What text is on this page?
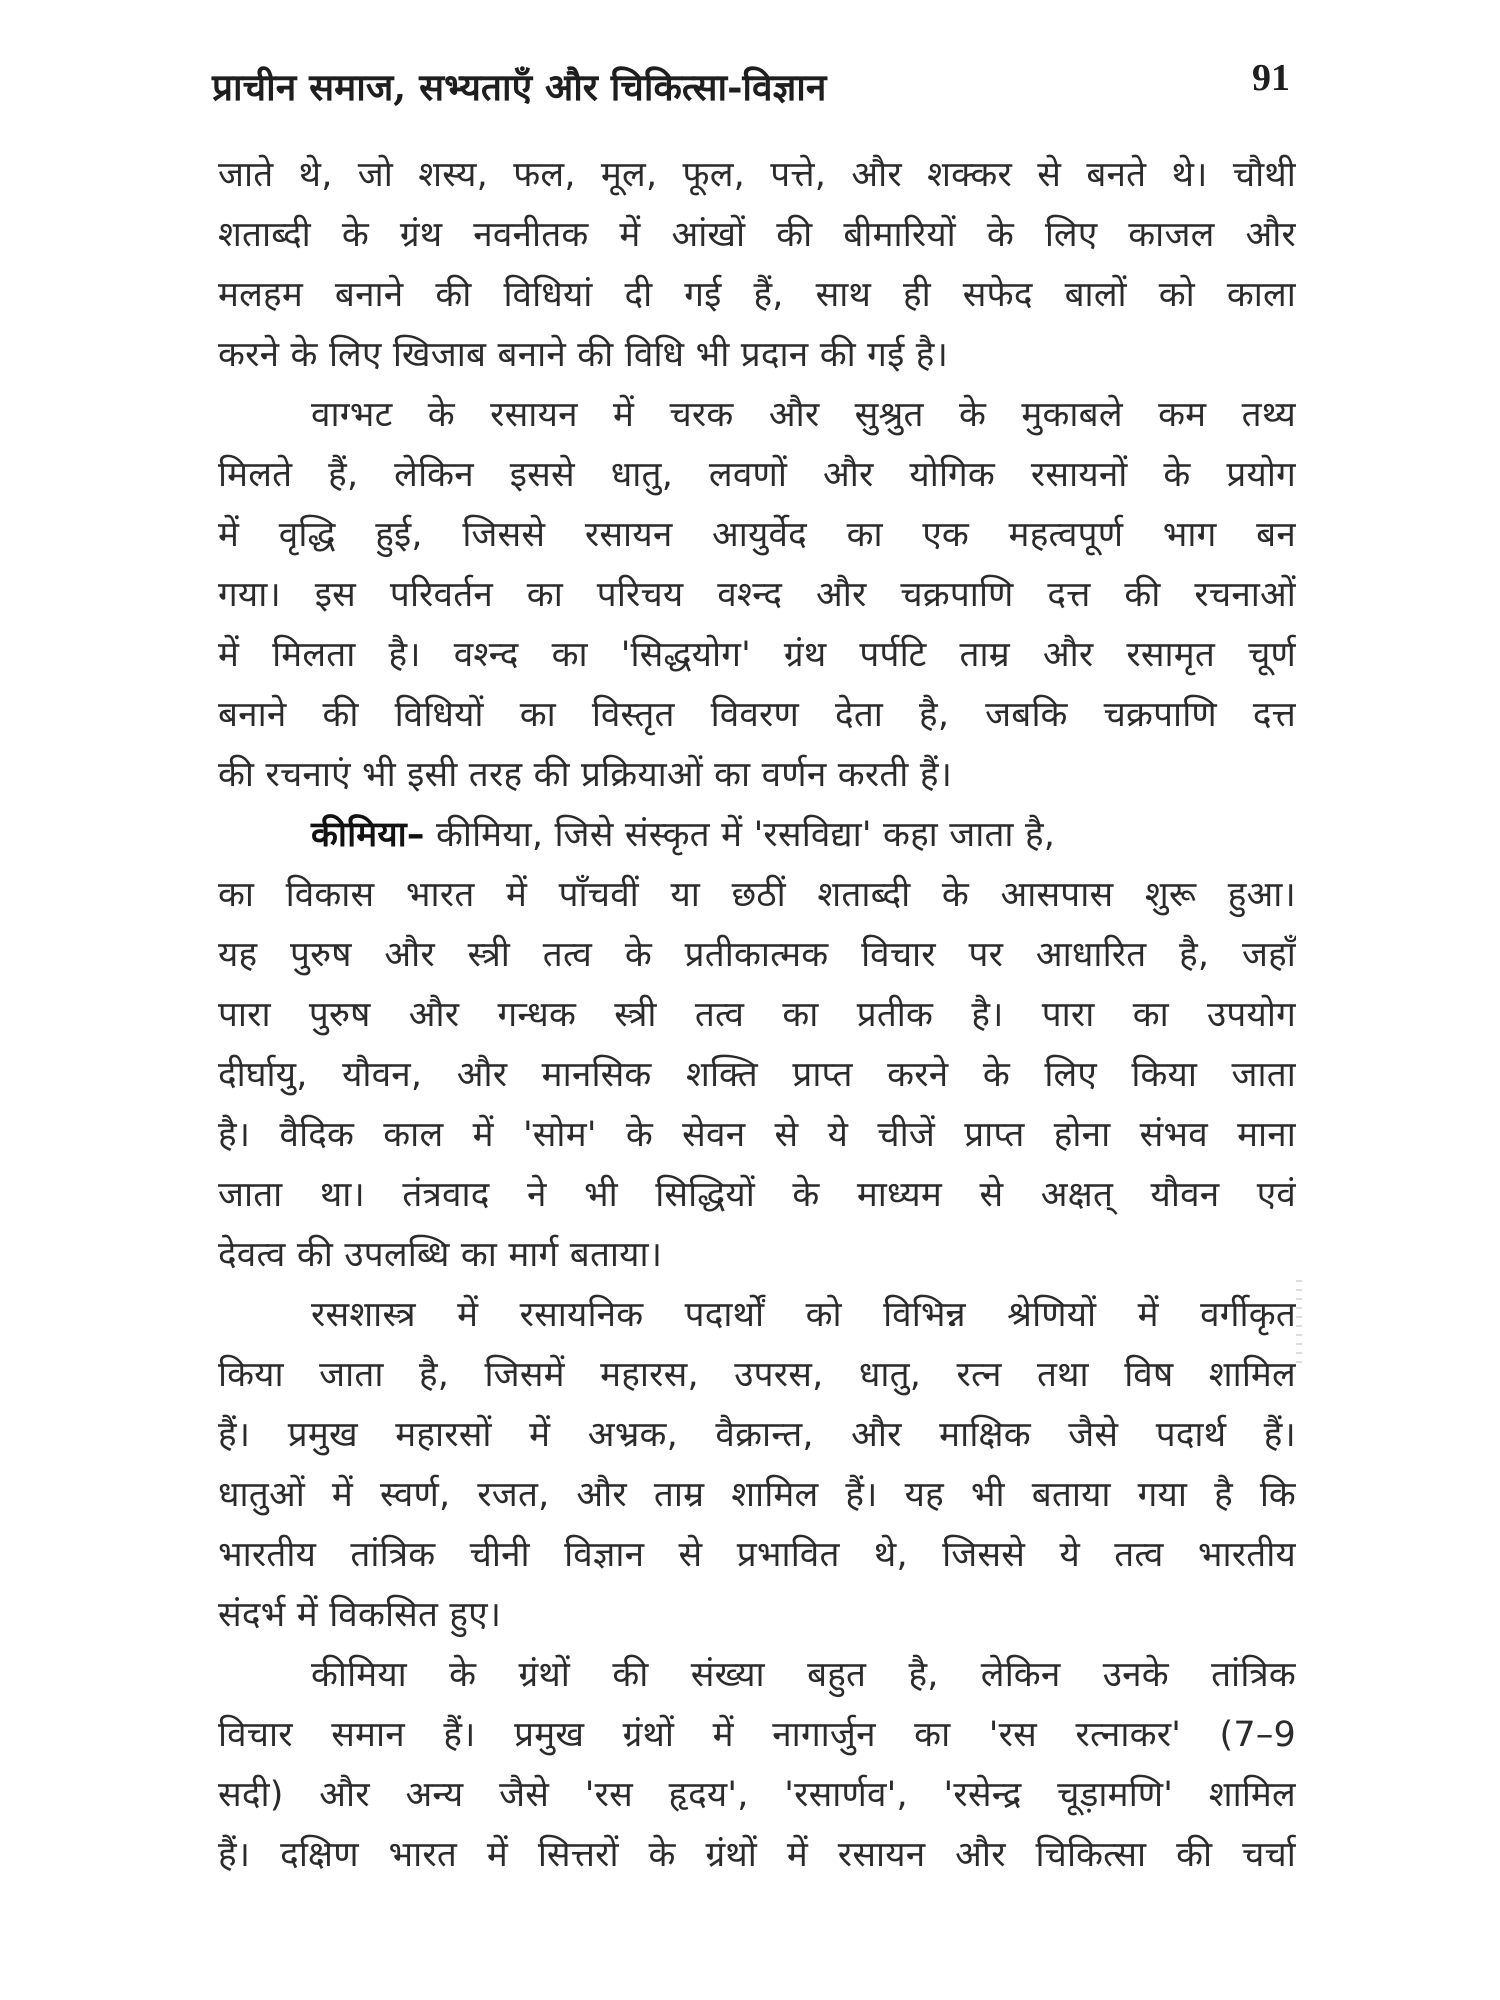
प्राचीन समाज, सभ्यताएँ और चिकित्सा-विज्ञान	91
जाते थे, जो शस्य, फल, मूल, फूल, पत्ते, और शक्कर से बनते थे। चौथी
शताब्दी के ग्रंथ नवनीतक में आंखों की बीमारियों के लिए काजल और
मलहम बनाने की विधियां दी गई हैं, साथ ही सफेद बालों को काला
करने के लिए खिजाब बनाने की विधि भी प्रदान की गई है।
वाग्भट के रसायन में चरक और सुश्रुत के मुकाबले कम तथ्य
मिलते हैं, लेकिन इससे धातु, लवणों और योगिक रसायनों के प्रयोग
में वृद्धि हुई, जिससे रसायन आयुर्वेद का एक महत्वपूर्ण भाग बन
गया। इस परिवर्तन का परिचय वश्न्द और चक्रपाणि दत्त की रचनाओं
में मिलता है। वश्न्द का 'सिद्धयोग' ग्रंथ पर्पटि ताम्र और रसामृत चूर्ण
बनाने की विधियों का विस्तृत विवरण देता है, जबकि चक्रपाणि दत्त
की रचनाएं भी इसी तरह की प्रक्रियाओं का वर्णन करती हैं।
कीमिया– कीमिया, जिसे संस्कृत में 'रसविद्या' कहा जाता है,
का विकास भारत में पाँचवीं या छठीं शताब्दी के आसपास शुरू हुआ।
यह पुरुष और स्त्री तत्व के प्रतीकात्मक विचार पर आधारित है, जहाँ
पारा पुरुष और गन्धक स्त्री तत्व का प्रतीक है। पारा का उपयोग
दीर्घायु, यौवन, और मानसिक शक्ति प्राप्त करने के लिए किया जाता
है। वैदिक काल में 'सोम' के सेवन से ये चीजें प्राप्त होना संभव माना
जाता था। तंत्रवाद ने भी सिद्धियों के माध्यम से अक्षत् यौवन एवं
देवत्व की उपलब्धि का मार्ग बताया।
रसशास्त्र में रसायनिक पदार्थों को विभिन्न श्रेणियों में वर्गीकृत
किया जाता है, जिसमें महारस, उपरस, धातु, रत्न तथा विष शामिल
हैं। प्रमुख महारसों में अभ्रक, वैक्रान्त, और माक्षिक जैसे पदार्थ हैं।
धातुओं में स्वर्ण, रजत, और ताम्र शामिल हैं। यह भी बताया गया है कि
भारतीय तांत्रिक चीनी विज्ञान से प्रभावित थे, जिससे ये तत्व भारतीय
संदर्भ में विकसित हुए।
कीमिया के ग्रंथों की संख्या बहुत है, लेकिन उनके तांत्रिक
विचार समान हैं। प्रमुख ग्रंथों में नागार्जुन का 'रस रत्नाकर' (7–9
सदी) और अन्य जैसे 'रस हृदय', 'रसार्णव', 'रसेन्द्र चूड़ामणि' शामिल
हैं। दक्षिण भारत में सित्तरों के ग्रंथों में रसायन और चिकित्सा की चर्चा
